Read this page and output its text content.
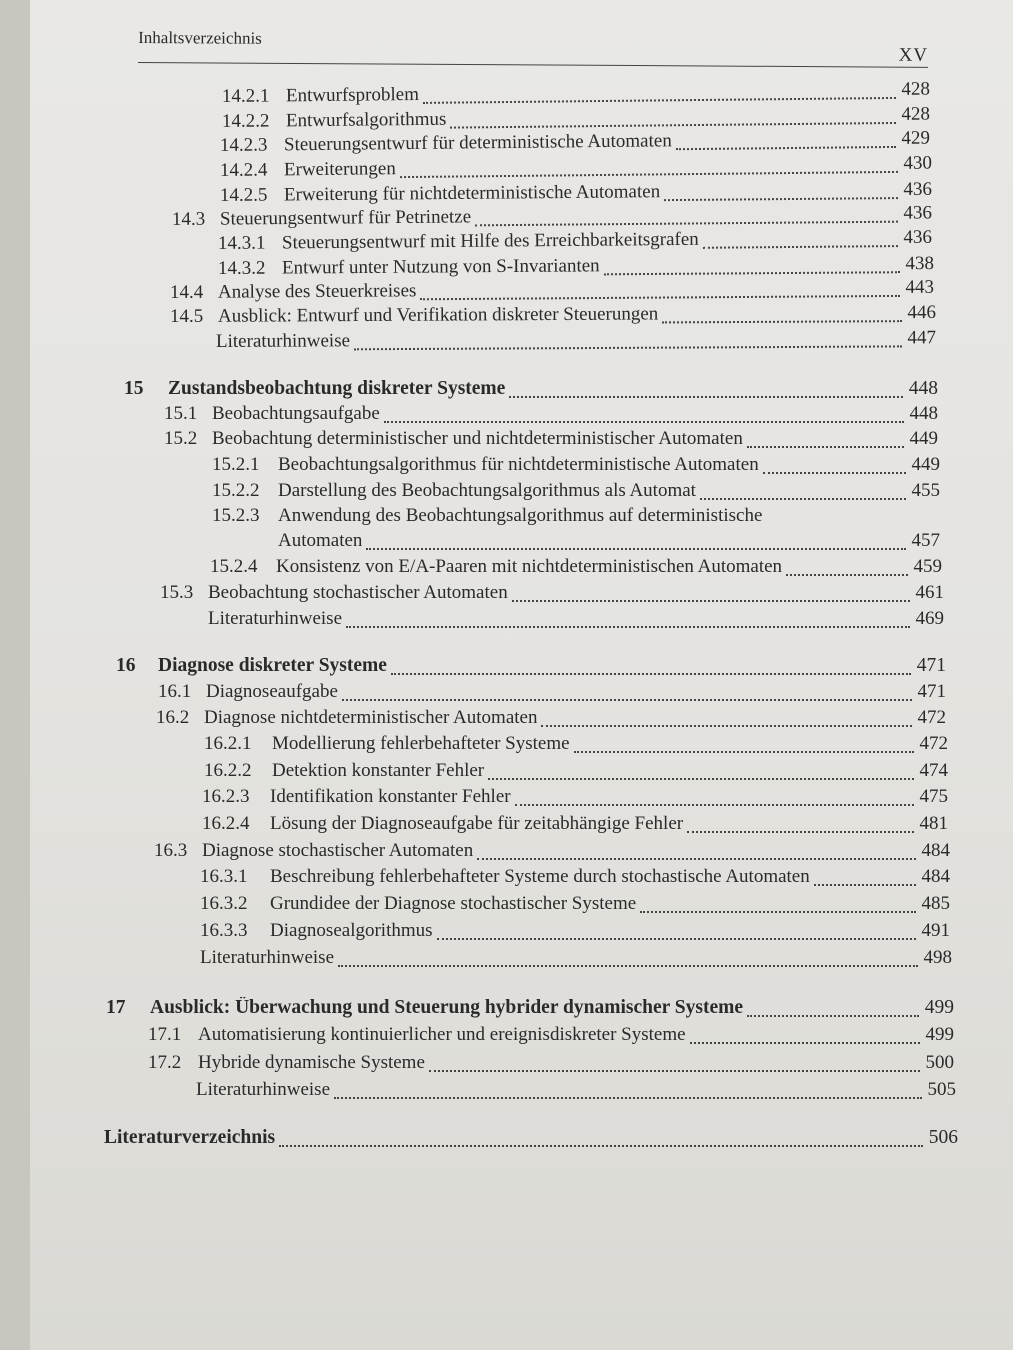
Inhaltsverzeichnis
XV
14.2.1 Entwurfsproblem	428
14.2.2 Entwurfsalgorithmus	428
14.2.3 Steuerungsentwurf für deterministische Automaten	429
14.2.4 Erweiterungen	430
14.2.5 Erweiterung für nichtdeterministische Automaten	436
14.3 Steuerungsentwurf für Petrinetze	436
14.3.1 Steuerungsentwurf mit Hilfe des Erreichbarkeitsgrafen	436
14.3.2 Entwurf unter Nutzung von S-Invarianten	438
14.4 Analyse des Steuerkreises	443
14.5 Ausblick: Entwurf und Verifikation diskreter Steuerungen	446
Literaturhinweise	447
15	Zustandsbeobachtung diskreter Systeme	448
15.1 Beobachtungsaufgabe	448
15.2 Beobachtung deterministischer und nichtdeterministischer Automaten	449
15.2.1 Beobachtungsalgorithmus für nichtdeterministische Automaten	449
15.2.2 Darstellung des Beobachtungsalgorithmus als Automat	455
15.2.3 Anwendung des Beobachtungsalgorithmus auf deterministische
Automaten	457
15.2.4 Konsistenz von E/A-Paaren mit nichtdeterministischen Automaten	459
15.3 Beobachtung stochastischer Automaten	461
Literaturhinweise	469
16	Diagnose diskreter Systeme	471
16.1 Diagnoseaufgabe	471
16.2 Diagnose nichtdeterministischer Automaten	472
16.2.1	Modellierung fehlerbehafteter Systeme	472
16.2.2	Detektion konstanter Fehler	474
16.2.3	Identifikation konstanter Fehler	475
16.2.4	Lösung der Diagnoseaufgabe für zeitabhängige Fehler	481
16.3 Diagnose stochastischer Automaten	484
16.3.1	Beschreibung fehlerbehafteter Systeme durch stochastische Automaten	484
16.3.2	Grundidee der Diagnose stochastischer Systeme	485
16.3.3	Diagnosealgorithmus	491
Literaturhinweise	498
17	Ausblick: Überwachung und Steuerung hybrider dynamischer Systeme	499
17.1 Automatisierung kontinuierlicher und ereignisdiskreter Systeme	499
17.2 Hybride dynamische Systeme	500
Literaturhinweise	505
Literaturverzeichnis	506
